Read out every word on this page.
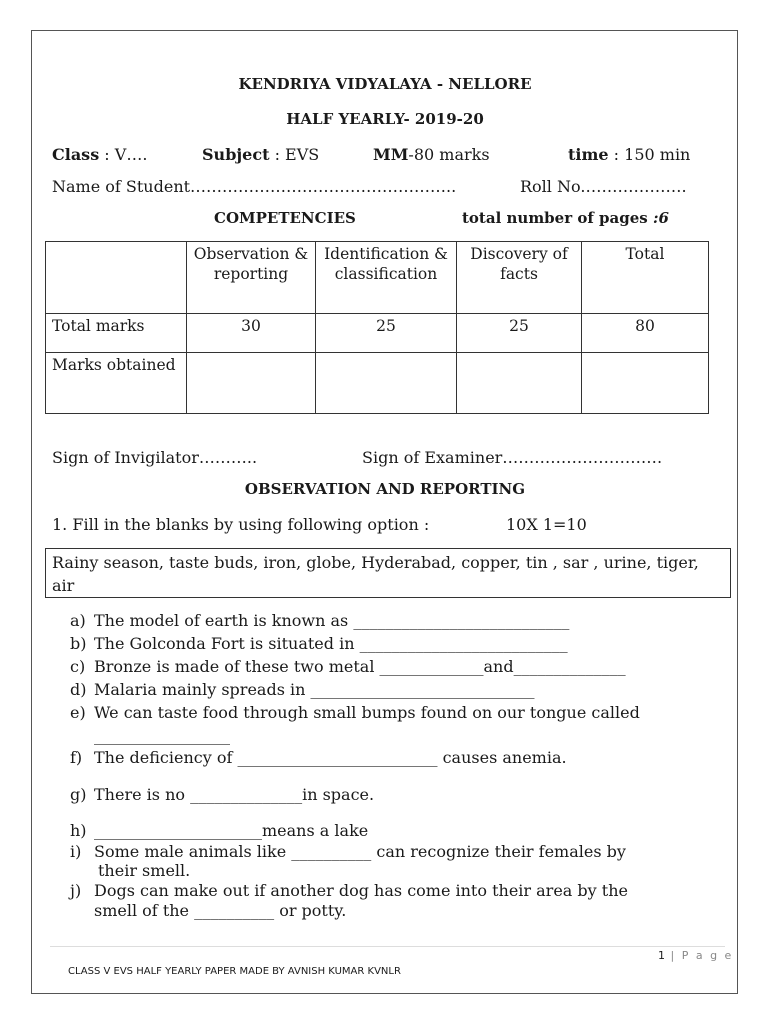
KENDRIYA VIDYALAYA - NELLORE
HALF YEARLY- 2019-20
Class : V….	Subject : EVS	MM-80 marks	time : 150 min
Name of Student…………………………………………..	Roll No.……………….
COMPETENCIES	total number of pages :6
	Observation & reporting	Identification & classification	Discovery of facts	Total
Total marks	30	25	25	80
Marks obtained				
Sign of Invigilator………..	Sign of Examiner…………………………
OBSERVATION AND REPORTING
1. Fill in the blanks by using following option :	10X 1=10
Rainy season, taste buds, iron, globe, Hyderabad, copper, tin , sar , urine, tiger, air
a) The model of earth is known as ___________________________
b) The Golconda Fort is situated in __________________________
c) Bronze is made of these two metal _____________and______________
d) Malaria mainly spreads in ____________________________
e) We can taste food through small bumps found on our tongue called
_________________
f) The deficiency of _________________________ causes anemia.
g) There is no ______________in space.
h) _____________________means a lake
i) Some male animals like __________ can recognize their females by
their smell.
j) Dogs can make out if another dog has come into their area by the
smell of the __________ or potty.
1 | P a g e
CLASS V EVS HALF YEARLY PAPER MADE BY AVNISH KUMAR KVNLR
